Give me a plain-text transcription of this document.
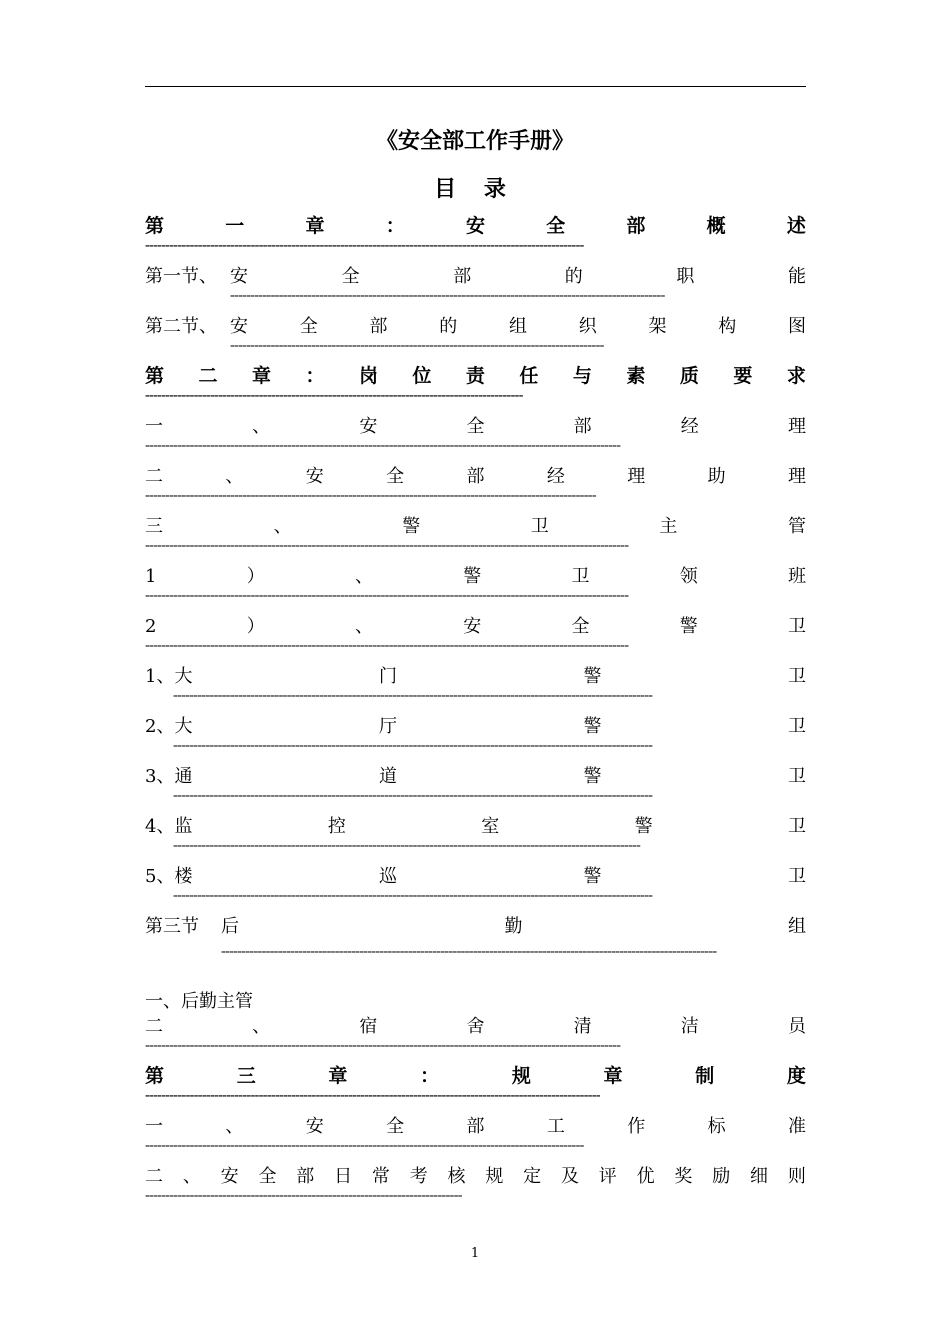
《安全部工作手册》
目 录
第	一	章	：	安	全	部	概	述
------------------------------------------------------------------------------------------------------------
第一节、 安	全	部	的	职	能
-----------------------------------------------------------------------------------------------------------
第二节、 安	全	部	的	组	织	架	构	图
--------------------------------------------------------------------------------------------
第 二 章 ： 岗 位 责 任 与 素 质 要 求
---------------------------------------------------------------------------------------------
一	、	安	全	部	经	理
---------------------------------------------------------------------------------------------------------------------
二	、	安	全	部	经	理	助	理
---------------------------------------------------------------------------------------------------------------
三	、	警	卫	主	管
-----------------------------------------------------------------------------------------------------------------------
1	）	、	警	卫	领	班
-----------------------------------------------------------------------------------------------------------------------
2	）	、	安	全	警	卫
-----------------------------------------------------------------------------------------------------------------------
1、大	门	警	卫
----------------------------------------------------------------------------------------------------------------------
2、大	厅	警	卫
----------------------------------------------------------------------------------------------------------------------
3、通	道	警	卫
----------------------------------------------------------------------------------------------------------------------
4、监	控	室	警	卫
-------------------------------------------------------------------------------------------------------------------
5、楼	巡	警	卫
----------------------------------------------------------------------------------------------------------------------
第三节 后	勤	组
--------------------------------------------------------------------------------------------------------------------------
一、后勤主管
二	、	宿	舍	清	洁	员
---------------------------------------------------------------------------------------------------------------------
第	三	章	：	规	章	制	度
----------------------------------------------------------------------------------------------------------------
一	、	安	全	部	工	作	标	准
------------------------------------------------------------------------------------------------------------
二 、 安 全 部 日 常 考 核 规 定 及 评 优 奖 励 细 则
------------------------------------------------------------------------------
1
